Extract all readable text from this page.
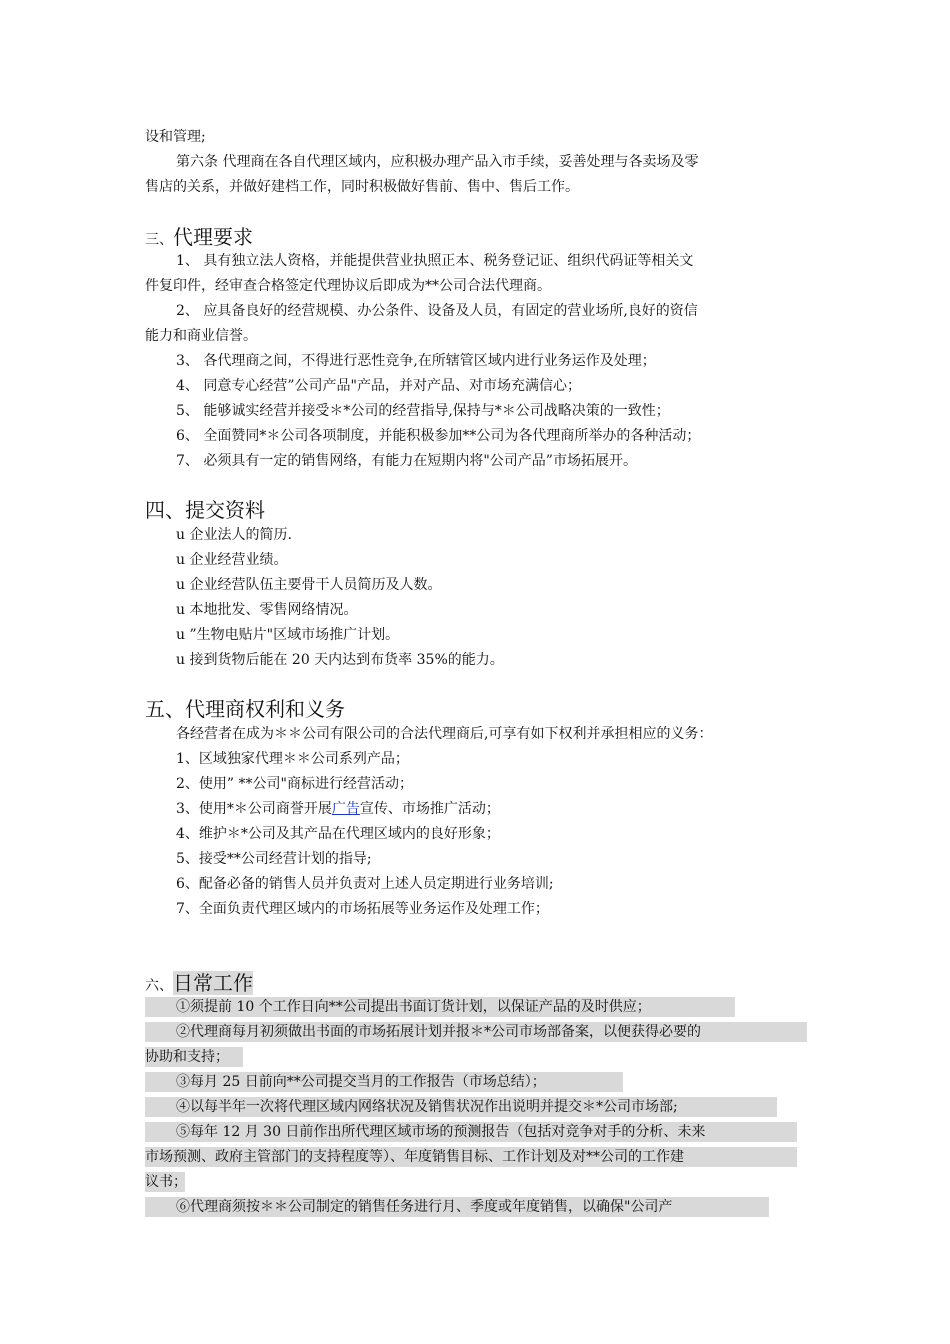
设和管理;

第六条 代理商在各自代理区域内，应积极办理产品入市手续，妥善处理与各卖场及零

售店的关系，并做好建档工作，同时积极做好售前、售中、售后工作。

三、代理要求

1、 具有独立法人资格，并能提供营业执照正本、税务登记证、组织代码证等相关文

件复印件，经审查合格签定代理协议后即成为**公司合法代理商。

2、 应具备良好的经营规模、办公条件、设备及人员，有固定的营业场所,良好的资信

能力和商业信誉。

3、 各代理商之间，不得进行恶性竞争,在所辖管区域内进行业务运作及处理；

4、 同意专心经营”公司产品"产品，并对产品、对市场充满信心；

5、 能够诚实经营并接受＊*公司的经营指导,保持与*＊公司战略决策的一致性；

6、 全面赞同*＊公司各项制度，并能积极参加**公司为各代理商所举办的各种活动；

7、 必须具有一定的销售网络，有能力在短期内将"公司产品”市场拓展开。

四、提交资料

u 企业法人的简历.

u 企业经营业绩。

u 企业经营队伍主要骨干人员简历及人数。

u 本地批发、零售网络情况。

u ”生物电贴片"区域市场推广计划。

u 接到货物后能在 20 天内达到布货率 35%的能力。

五、代理商权利和义务

各经营者在成为＊＊公司有限公司的合法代理商后,可享有如下权利并承担相应的义务：

1、区域独家代理＊＊公司系列产品；

2、使用” **公司"商标进行经营活动；

3、使用*＊公司商誉开展广告宣传、市场推广活动；

4、维护＊*公司及其产品在代理区域内的良好形象；

5、接受**公司经营计划的指导;

6、配备必备的销售人员并负责对上述人员定期进行业务培训;

7、全面负责代理区域内的市场拓展等业务运作及处理工作；

六、日常工作

①须提前 10 个工作日向**公司提出书面订货计划，以保证产品的及时供应；

②代理商每月初须做出书面的市场拓展计划并报＊*公司市场部备案，以便获得必要的

协助和支持；

③每月 25 日前向**公司提交当月的工作报告（市场总结）；

④以每半年一次将代理区域内网络状况及销售状况作出说明并提交＊*公司市场部;

⑤每年 12 月 30 日前作出所代理区域市场的预测报告（包括对竞争对手的分析、未来

市场预测、政府主管部门的支持程度等）、年度销售目标、工作计划及对**公司的工作建

议书；

⑥代理商须按＊＊公司制定的销售任务进行月、季度或年度销售，以确保"公司产
